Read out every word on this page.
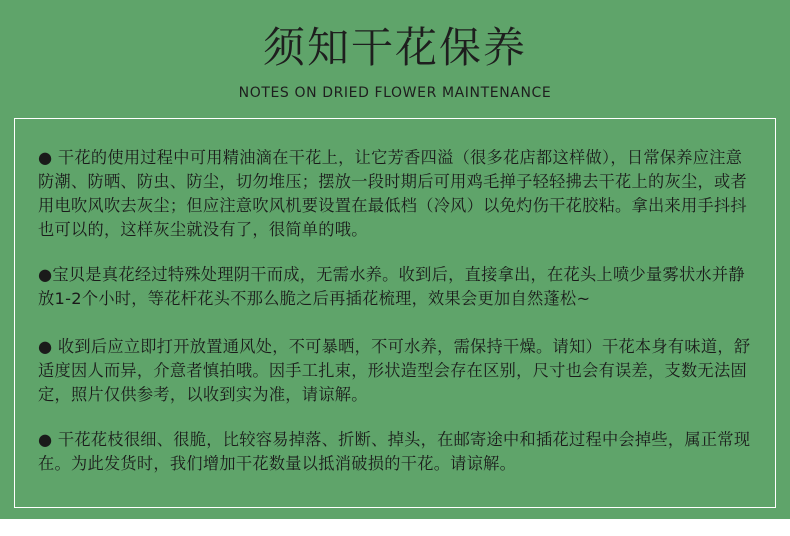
须知干花保养
NOTES ON DRIED FLOWER MAINTENANCE
● 干花的使用过程中可用精油滴在干花上，让它芳香四溢（很多花店都这样做），日常保养应注意防潮、防晒、防虫、防尘，切勿堆压；摆放一段时期后可用鸡毛掸子轻轻拂去干花上的灰尘，或者用电吹风吹去灰尘；但应注意吹风机要设置在最低档（冷风）以免灼伤干花胶粘。拿出来用手抖抖也可以的，这样灰尘就没有了，很简单的哦。
●宝贝是真花经过特殊处理阴干而成，无需水养。收到后，直接拿出，在花头上喷少量雾状水并静放1-2个小时，等花杆花头不那么脆之后再插花梳理，效果会更加自然蓬松~
● 收到后应立即打开放置通风处，不可暴晒，不可水养，需保持干燥。请知）干花本身有味道，舒适度因人而异，介意者慎拍哦。因手工扎束，形状造型会存在区别，尺寸也会有误差，支数无法固定，照片仅供参考，以收到实为准，请谅解。
● 干花花枝很细、很脆，比较容易掉落、折断、掉头，在邮寄途中和插花过程中会掉些，属正常现在。为此发货时，我们增加干花数量以抵消破损的干花。请谅解。
